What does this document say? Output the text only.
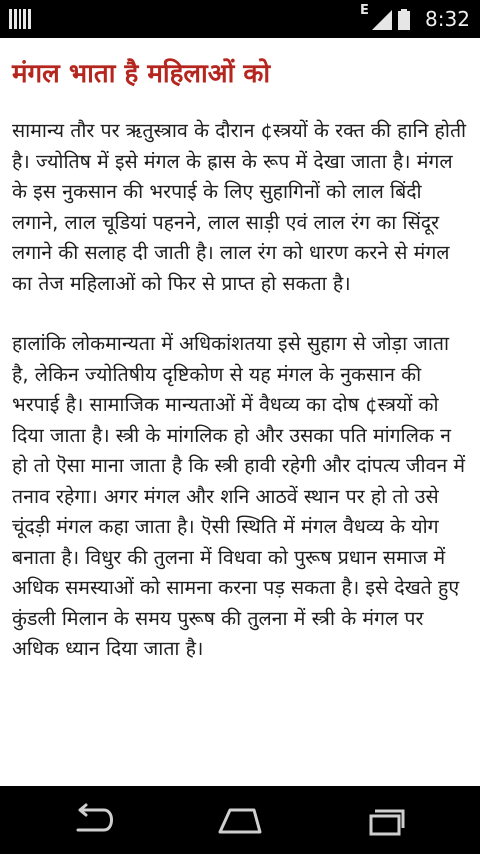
E	8:32
मंगल भाता है महिलाओं को

सामान्य तौर पर ऋतुस्त्राव के दौरान ¢स्त्रयों के रक्त की हानि होती है। ज्योतिष में इसे मंगल के ह्रास के रूप में देखा जाता है। मंगल के इस नुकसान की भरपाई के लिए सुहागिनों को लाल बिंदी लगाने, लाल चूडियां पहनने, लाल साड़ी एवं लाल रंग का सिंदूर लगाने की सलाह दी जाती है। लाल रंग को धारण करने से मंगल का तेज महिलाओं को फिर से प्राप्त हो सकता है।

हालांकि लोकमान्यता में अधिकांशतया इसे सुहाग से जोड़ा जाता है, लेकिन ज्योतिषीय दृष्टिकोण से यह मंगल के नुकसान की भरपाई है। सामाजिक मान्यताओं में वैधव्य का दोष ¢स्त्रयों को दिया जाता है। स्त्री के मांगलिक हो और उसका पति मांगलिक न हो तो ऎसा माना जाता है कि स्त्री हावी रहेगी और दांपत्य जीवन में तनाव रहेगा। अगर मंगल और शनि आठवें स्थान पर हो तो उसे चूंदड़ी मंगल कहा जाता है। ऎसी स्थिति में मंगल वैधव्य के योग बनाता है। विधुर की तुलना में विधवा को पुरूष प्रधान समाज में अधिक समस्याओं को सामना करना पड़ सकता है। इसे देखते हुए कुंडली मिलान के समय पुरूष की तुलना में स्त्री के मंगल पर अधिक ध्यान दिया जाता है।
